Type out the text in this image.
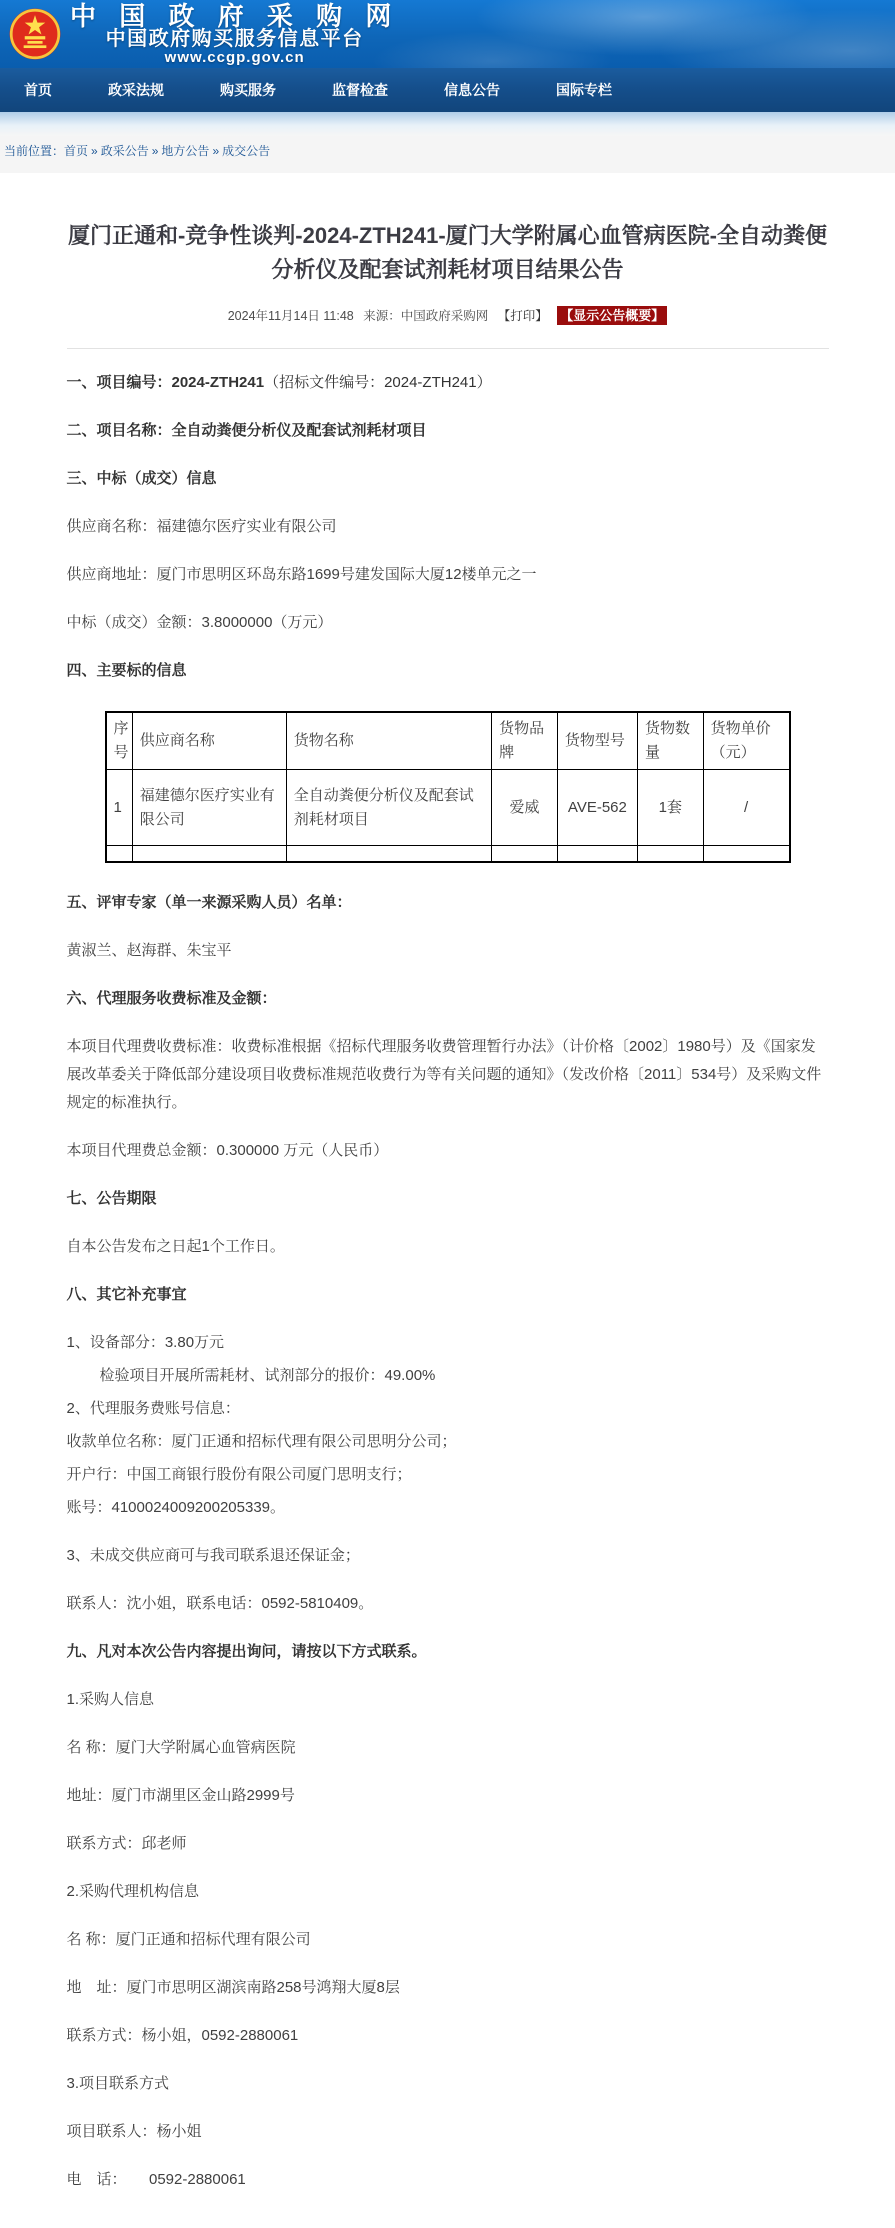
中 国 政 府 采 购 网
中国政府购买服务信息平台
www.ccgp.gov.cn
首页	政采法规	购买服务	监督检查	信息公告	国际专栏
当前位置：首页 » 政采公告 » 地方公告 » 成交公告
厦门正通和-竞争性谈判-2024-ZTH241-厦门大学附属心血管病医院-全自动粪便分析仪及配套试剂耗材项目结果公告
2024年11月14日 11:48 来源：中国政府采购网 【打印】 【显示公告概要】

一、项目编号：2024-ZTH241（招标文件编号：2024-ZTH241）

二、项目名称：全自动粪便分析仪及配套试剂耗材项目

三、中标（成交）信息

供应商名称：福建德尔医疗实业有限公司

供应商地址：厦门市思明区环岛东路1699号建发国际大厦12楼单元之一

中标（成交）金额：3.8000000（万元）

四、主要标的信息

序号	供应商名称	货物名称	货物品牌	货物型号	货物数量	货物单价（元）
1	福建德尔医疗实业有限公司	全自动粪便分析仪及配套试剂耗材项目	爱威	AVE-562	1套	/

五、评审专家（单一来源采购人员）名单：

黄淑兰、赵海群、朱宝平

六、代理服务收费标准及金额：

本项目代理费收费标准：收费标准根据《招标代理服务收费管理暂行办法》（计价格〔2002〕1980号）及《国家发展改革委关于降低部分建设项目收费标准规范收费行为等有关问题的通知》（发改价格〔2011〕534号）及采购文件规定的标准执行。

本项目代理费总金额：0.300000 万元（人民币）

七、公告期限

自本公告发布之日起1个工作日。

八、其它补充事宜

1、设备部分：3.80万元

检验项目开展所需耗材、试剂部分的报价：49.00%

2、代理服务费账号信息：

收款单位名称：厦门正通和招标代理有限公司思明分公司；

开户行：中国工商银行股份有限公司厦门思明支行；

账号：4100024009200205339。

3、未成交供应商可与我司联系退还保证金；

联系人：沈小姐，联系电话：0592-5810409。

九、凡对本次公告内容提出询问，请按以下方式联系。

1.采购人信息

名 称：厦门大学附属心血管病医院

地址：厦门市湖里区金山路2999号

联系方式：邱老师

2.采购代理机构信息

名 称：厦门正通和招标代理有限公司

地　址：厦门市思明区湖滨南路258号鸿翔大厦8层

联系方式：杨小姐，0592-2880061

3.项目联系方式

项目联系人：杨小姐

电　话：　　0592-2880061
